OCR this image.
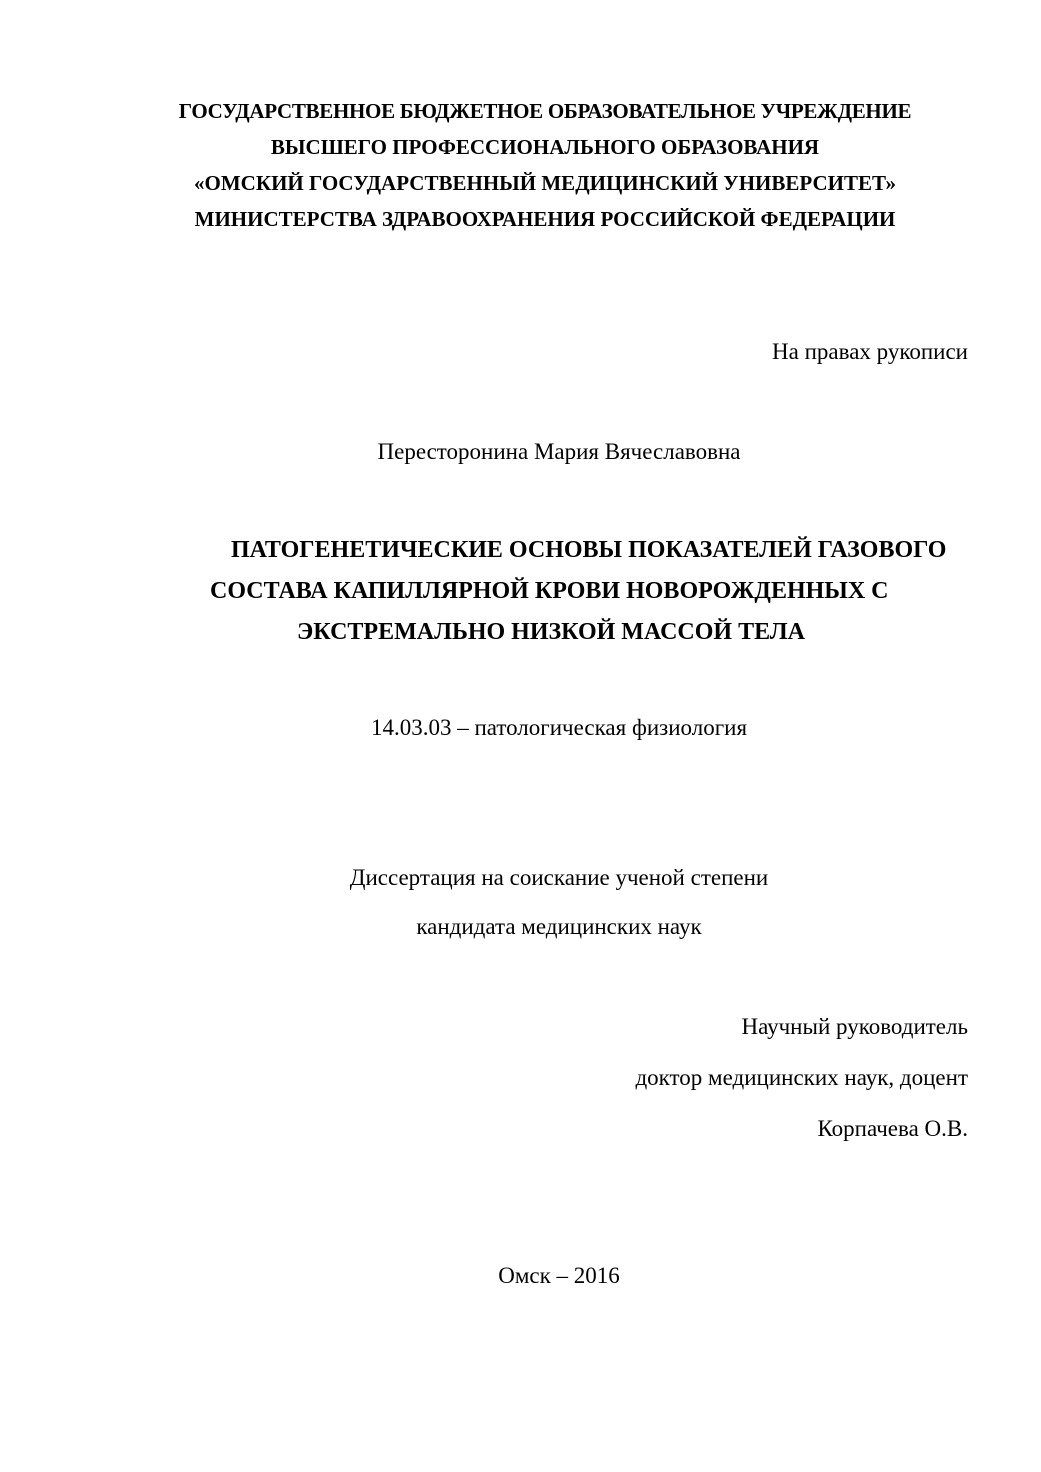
ГОСУДАРСТВЕННОЕ БЮДЖЕТНОЕ ОБРАЗОВАТЕЛЬНОЕ УЧРЕЖДЕНИЕ

ВЫСШЕГО ПРОФЕССИОНАЛЬНОГО ОБРАЗОВАНИЯ

«ОМСКИЙ ГОСУДАРСТВЕННЫЙ МЕДИЦИНСКИЙ УНИВЕРСИТЕТ»

МИНИСТЕРСТВА ЗДРАВООХРАНЕНИЯ РОССИЙСКОЙ ФЕДЕРАЦИИ

На правах рукописи

Пересторонина Мария Вячеславовна

ПАТОГЕНЕТИЧЕСКИЕ ОСНОВЫ ПОКАЗАТЕЛЕЙ ГАЗОВОГО

СОСТАВА КАПИЛЛЯРНОЙ КРОВИ НОВОРОЖДЕННЫХ С

ЭКСТРЕМАЛЬНО НИЗКОЙ МАССОЙ ТЕЛА

14.03.03 – патологическая физиология

Диссертация на соискание ученой степени

кандидата медицинских наук

Научный руководитель

доктор медицинских наук, доцент

Корпачева О.В.

Омск – 2016
